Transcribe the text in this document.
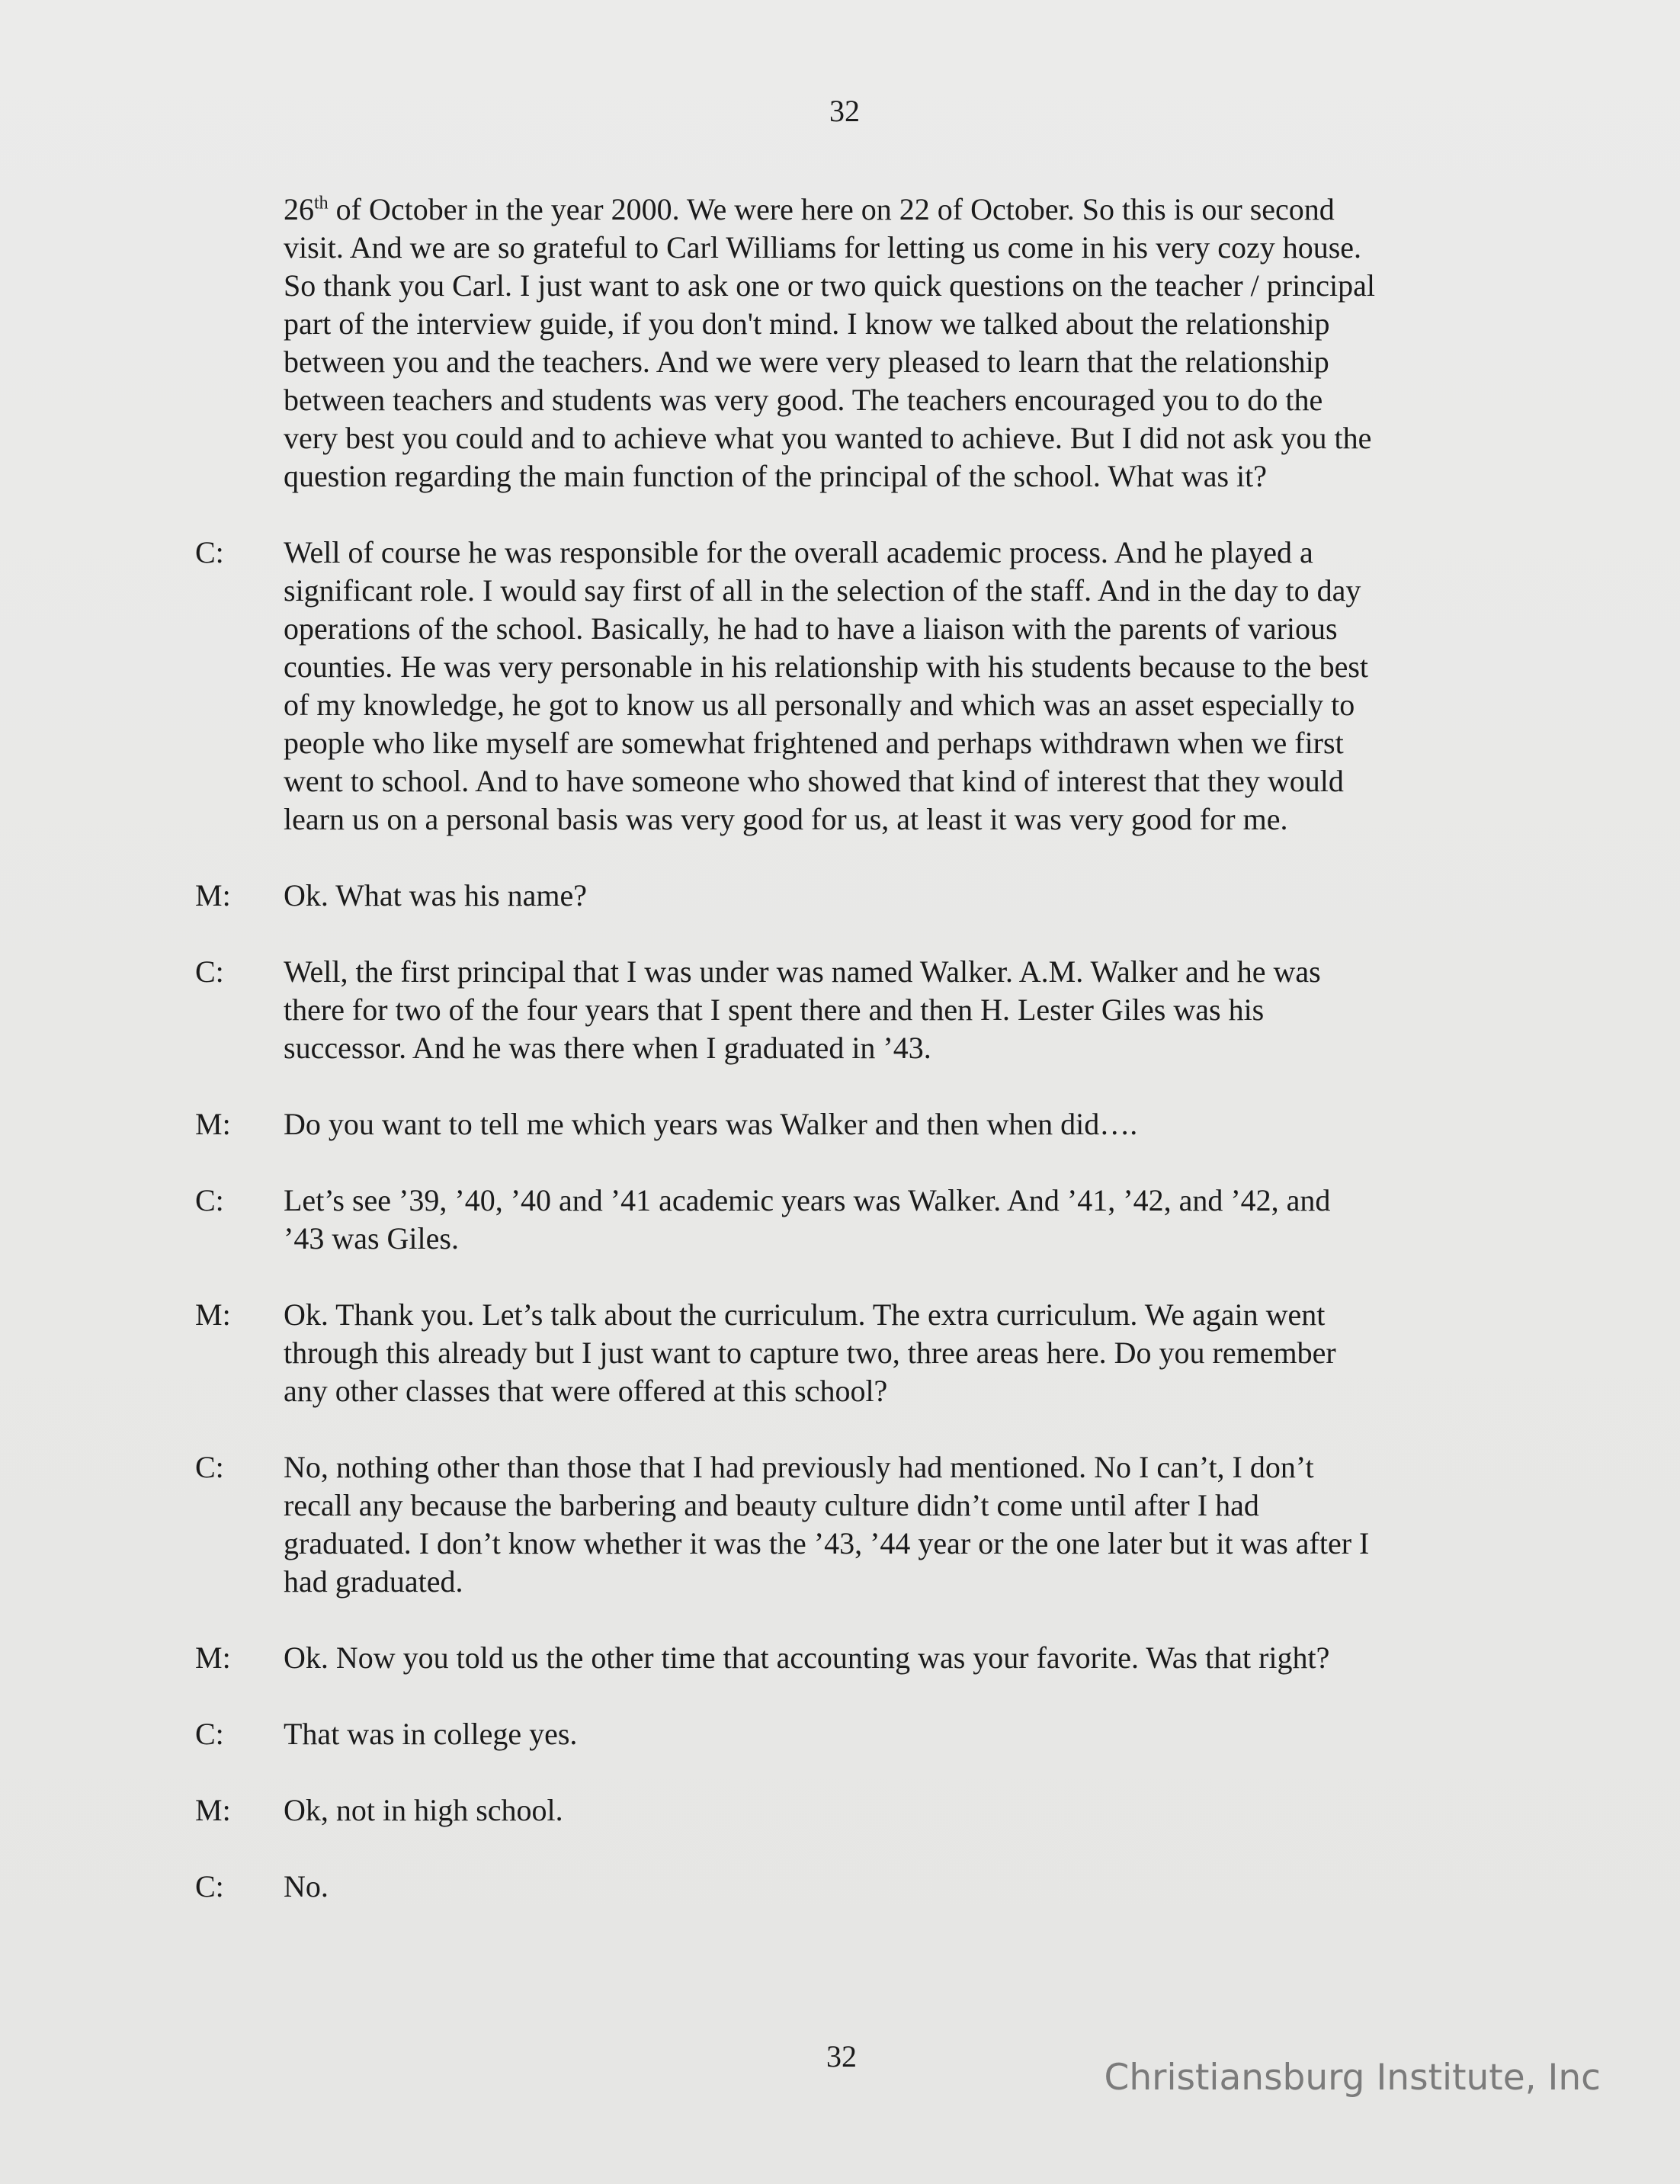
32
26th of October in the year 2000. We were here on 22 of October. So this is our second
visit. And we are so grateful to Carl Williams for letting us come in his very cozy house.
So thank you Carl. I just want to ask one or two quick questions on the teacher / principal
part of the interview guide, if you don't mind. I know we talked about the relationship
between you and the teachers. And we were very pleased to learn that the relationship
between teachers and students was very good. The teachers encouraged you to do the
very best you could and to achieve what you wanted to achieve. But I did not ask you the
question regarding the main function of the principal of the school. What was it?
C: Well of course he was responsible for the overall academic process. And he played a
significant role. I would say first of all in the selection of the staff. And in the day to day
operations of the school. Basically, he had to have a liaison with the parents of various
counties. He was very personable in his relationship with his students because to the best
of my knowledge, he got to know us all personally and which was an asset especially to
people who like myself are somewhat frightened and perhaps withdrawn when we first
went to school. And to have someone who showed that kind of interest that they would
learn us on a personal basis was very good for us, at least it was very good for me.
M: Ok. What was his name?
C: Well, the first principal that I was under was named Walker. A.M. Walker and he was
there for two of the four years that I spent there and then H. Lester Giles was his
successor. And he was there when I graduated in ’43.
M: Do you want to tell me which years was Walker and then when did….
C: Let’s see ’39, ’40, ’40 and ’41 academic years was Walker. And ’41, ’42, and ’42, and
’43 was Giles.
M: Ok. Thank you. Let’s talk about the curriculum. The extra curriculum. We again went
through this already but I just want to capture two, three areas here. Do you remember
any other classes that were offered at this school?
C: No, nothing other than those that I had previously had mentioned. No I can’t, I don’t
recall any because the barbering and beauty culture didn’t come until after I had
graduated. I don’t know whether it was the ’43, ’44 year or the one later but it was after I
had graduated.
M: Ok. Now you told us the other time that accounting was your favorite. Was that right?
C: That was in college yes.
M: Ok, not in high school.
C: No.
32
Christiansburg Institute, Inc
